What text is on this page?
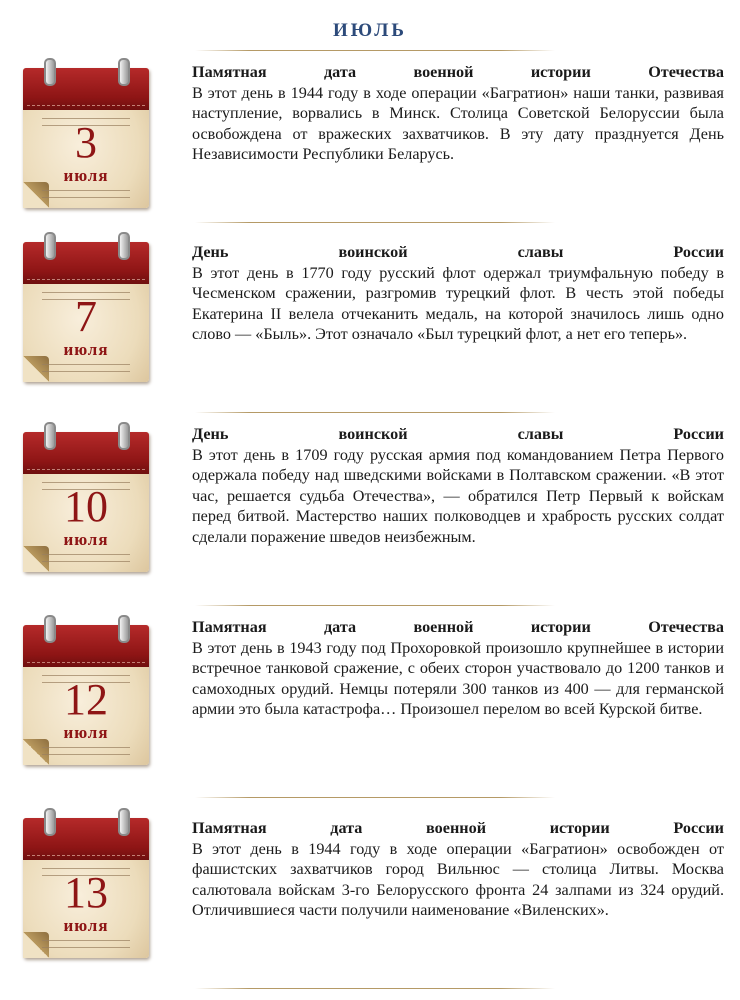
ИЮЛЬ
3
июля
Памятная дата военной истории Отечества
В этот день в 1944 году в ходе операции «Багратион» наши танки, развивая наступление, ворвались в Минск. Столица Советской Белоруссии была освобождена от вражеских захватчиков. В эту дату празднуется День Независимости Республики Беларусь.
7
июля
День воинской славы России
В этот день в 1770 году русский флот одержал триумфальную победу в Чесменском сражении, разгромив турецкий флот. В честь этой победы Екатерина II велела отчеканить медаль, на которой значилось лишь одно слово — «Быль». Этот означало «Был турецкий флот, а нет его теперь».
10
июля
День воинской славы России
В этот день в 1709 году русская армия под командованием Петра Первого одержала победу над шведскими войсками в Полтавском сражении. «В этот час, решается судьба Отечества», — обратился Петр Первый к войскам перед битвой. Мастерство наших полководцев и храбрость русских солдат сделали поражение шведов неизбежным.
12
июля
Памятная дата военной истории Отечества
В этот день в 1943 году под Прохоровкой произошло крупнейшее в истории встречное танковой сражение, с обеих сторон участвовало до 1200 танков и самоходных орудий. Немцы потеряли 300 танков из 400 — для германской армии это была катастрофа… Произошел перелом во всей Курской битве.
13
июля
Памятная дата военной истории России
В этот день в 1944 году в ходе операции «Багратион» освобожден от фашистских захватчиков город Вильнюс — столица Литвы. Москва салютовала войскам 3-го Белорусского фронта 24 залпами из 324 орудий. Отличившиеся части получили наименование «Виленских».
